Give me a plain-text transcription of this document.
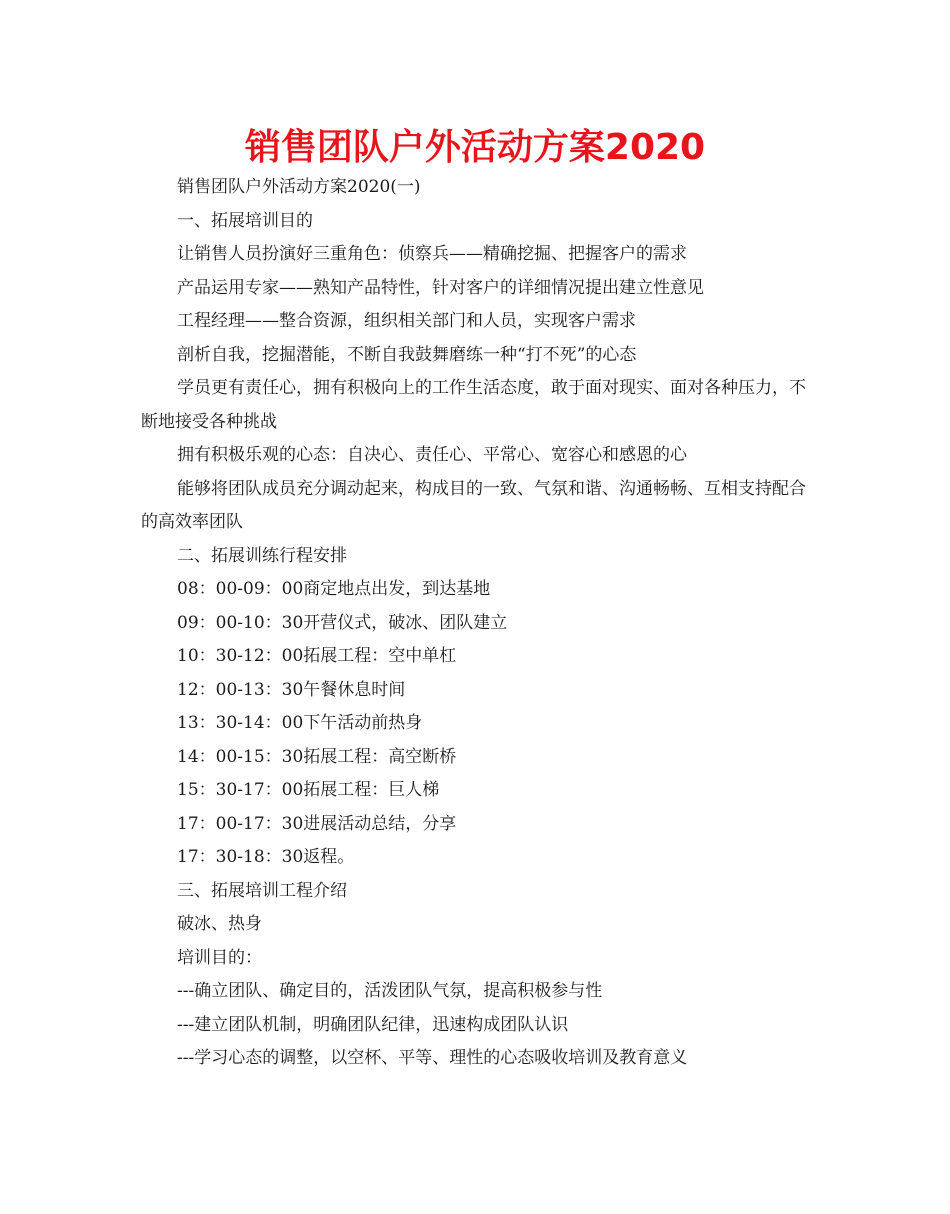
销售团队户外活动方案2020

销售团队户外活动方案2020(一)

一、拓展培训目的

让销售人员扮演好三重角色：侦察兵——精确挖掘、把握客户的需求

产品运用专家——熟知产品特性，针对客户的详细情况提出建立性意见

工程经理——整合资源，组织相关部门和人员，实现客户需求

剖析自我，挖掘潜能，不断自我鼓舞磨练一种“打不死”的心态

学员更有责任心，拥有积极向上的工作生活态度，敢于面对现实、面对各种压力，不断地接受各种挑战

拥有积极乐观的心态：自决心、责任心、平常心、宽容心和感恩的心

能够将团队成员充分调动起来，构成目的一致、气氛和谐、沟通畅畅、互相支持配合的高效率团队

二、拓展训练行程安排

08：00-09：00商定地点出发，到达基地

09：00-10：30开营仪式，破冰、团队建立

10：30-12：00拓展工程：空中单杠

12：00-13：30午餐休息时间

13：30-14：00下午活动前热身

14：00-15：30拓展工程：高空断桥

15：30-17：00拓展工程：巨人梯

17：00-17：30进展活动总结，分享

17：30-18：30返程。

三、拓展培训工程介绍

破冰、热身

培训目的：

---确立团队、确定目的，活泼团队气氛，提高积极参与性

---建立团队机制，明确团队纪律，迅速构成团队认识

---学习心态的调整，以空杯、平等、理性的心态吸收培训及教育意义
